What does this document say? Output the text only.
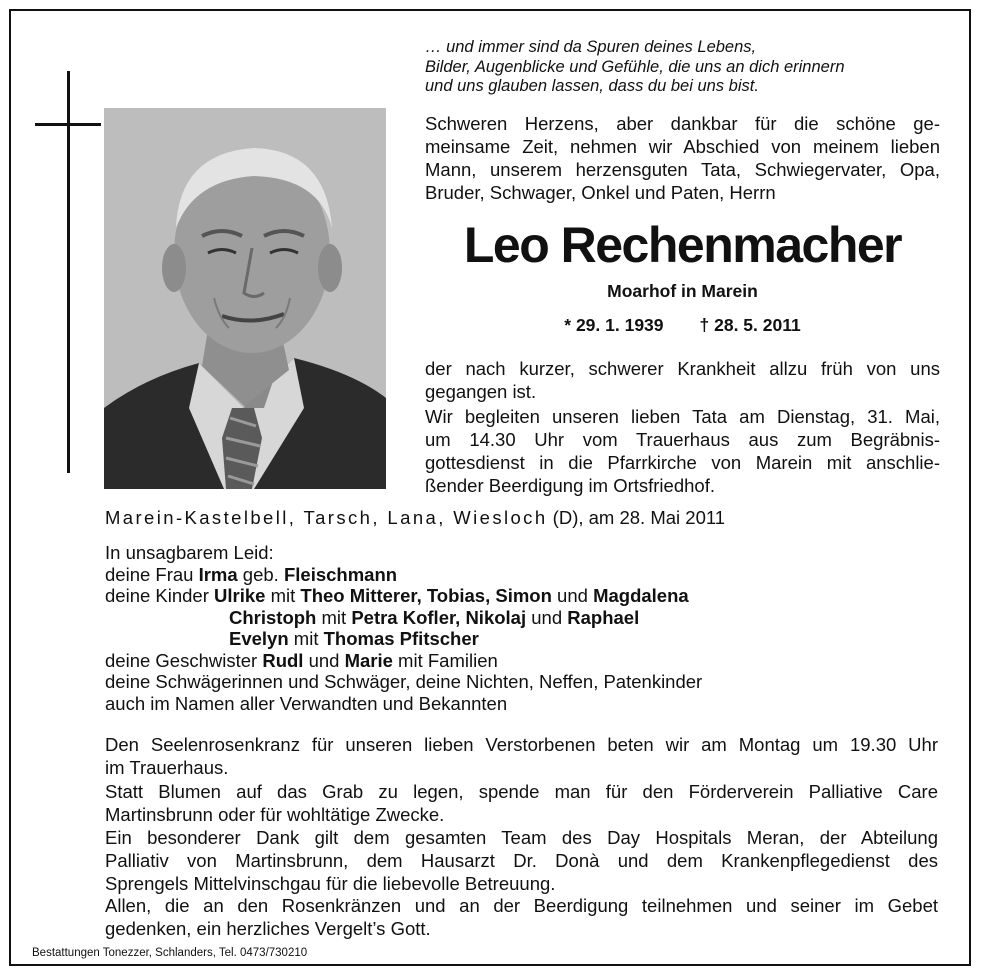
… und immer sind da Spuren deines Lebens,
Bilder, Augenblicke und Gefühle, die uns an dich erinnern
und uns glauben lassen, dass du bei uns bist.
Schweren Herzens, aber dankbar für die schöne ge-
meinsame Zeit, nehmen wir Abschied von meinem lieben
Mann, unserem herzensguten Tata, Schwiegervater, Opa,
Bruder, Schwager, Onkel und Paten, Herrn
Leo Rechenmacher
Moarhof in Marein
* 29. 1. 1939 † 28. 5. 2011
der nach kurzer, schwerer Krankheit allzu früh von uns
gegangen ist.
Wir begleiten unseren lieben Tata am Dienstag, 31. Mai,
um 14.30 Uhr vom Trauerhaus aus zum Begräbnis-
gottesdienst in die Pfarrkirche von Marein mit anschlie-
ßender Beerdigung im Ortsfriedhof.
Marein-Kastelbell, Tarsch, Lana, Wiesloch (D), am 28. Mai 2011
In unsagbarem Leid:
deine Frau Irma geb. Fleischmann
deine Kinder Ulrike mit Theo Mitterer, Tobias, Simon und Magdalena
Christoph mit Petra Kofler, Nikolaj und Raphael
Evelyn mit Thomas Pfitscher
deine Geschwister Rudl und Marie mit Familien
deine Schwägerinnen und Schwäger, deine Nichten, Neffen, Patenkinder
auch im Namen aller Verwandten und Bekannten
Den Seelenrosenkranz für unseren lieben Verstorbenen beten wir am Montag um 19.30 Uhr
im Trauerhaus.
Statt Blumen auf das Grab zu legen, spende man für den Förderverein Palliative Care
Martinsbrunn oder für wohltätige Zwecke.
Ein besonderer Dank gilt dem gesamten Team des Day Hospitals Meran, der Abteilung
Palliativ von Martinsbrunn, dem Hausarzt Dr. Donà und dem Krankenpflegedienst des
Sprengels Mittelvinschgau für die liebevolle Betreuung.
Allen, die an den Rosenkränzen und an der Beerdigung teilnehmen und seiner im Gebet
gedenken, ein herzliches Vergelt’s Gott.
Bestattungen Tonezzer, Schlanders, Tel. 0473/730210
